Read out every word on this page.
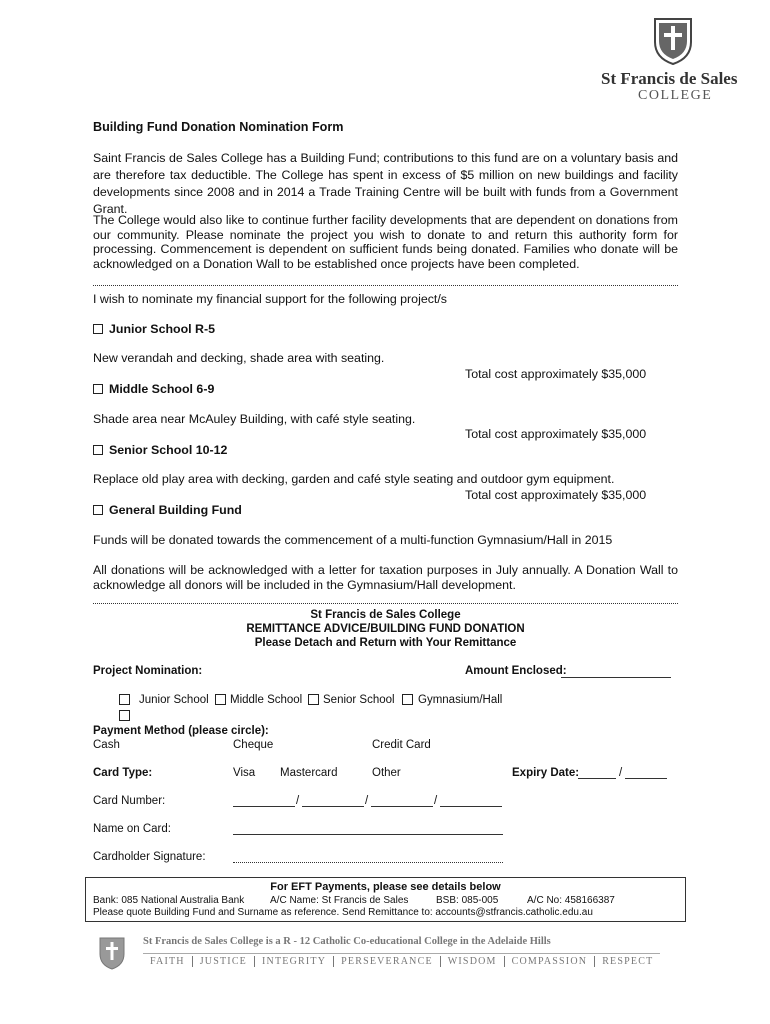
St Francis de Sales
COLLEGE
Building Fund Donation Nomination Form
Saint Francis de Sales College has a Building Fund; contributions to this fund are on a voluntary basis and are therefore tax deductible. The College has spent in excess of $5 million on new buildings and facility developments since 2008 and in 2014 a Trade Training Centre will be built with funds from a Government Grant.
The College would also like to continue further facility developments that are dependent on donations from our community. Please nominate the project you wish to donate to and return this authority form for processing. Commencement is dependent on sufficient funds being donated. Families who donate will be acknowledged on a Donation Wall to be established once projects have been completed.
I wish to nominate my financial support for the following project/s
Junior School R-5
New verandah and decking, shade area with seating.
Total cost approximately $35,000
Middle School 6-9
Shade area near McAuley Building, with café style seating.
Total cost approximately $35,000
Senior School 10-12
Replace old play area with decking, garden and café style seating and outdoor gym equipment.
Total cost approximately $35,000
General Building Fund
Funds will be donated towards the commencement of a multi-function Gymnasium/Hall in 2015
All donations will be acknowledged with a letter for taxation purposes in July annually. A Donation Wall to acknowledge all donors will be included in the Gymnasium/Hall development.
St Francis de Sales College
REMITTANCE ADVICE/BUILDING FUND DONATION
Please Detach and Return with Your Remittance
Project Nomination:	Amount Enclosed:
Junior School Middle School Senior School Gymnasium/Hall
Payment Method (please circle):
Cash	Cheque	Credit Card
Card Type:	Visa Mastercard	Other	Expiry Date:	/
Card Number:	/	/	/
Name on Card:
Cardholder Signature:
For EFT Payments, please see details below
Bank: 085 National Australia Bank	A/C Name: St Francis de Sales	BSB: 085-005	A/C No: 458166387
Please quote Building Fund and Surname as reference. Send Remittance to: accounts@stfrancis.catholic.edu.au
St Francis de Sales College is a R - 12 Catholic Co-educational College in the Adelaide Hills
FAITH JUSTICE INTEGRITY PERSEVERANCE WISDOM COMPASSION RESPECT
